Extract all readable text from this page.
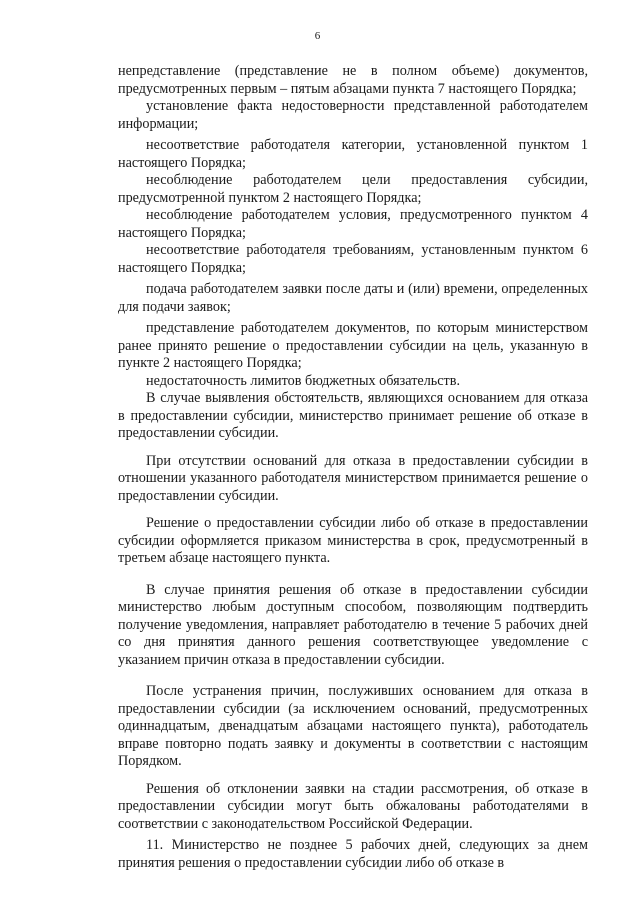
6

непредставление (представление не в полном объеме) документов, предусмотренных первым – пятым абзацами пункта 7 настоящего Порядка;

установление факта недостоверности представленной работодателем информации;

несоответствие работодателя категории, установленной пунктом 1 настоящего Порядка;

несоблюдение работодателем цели предоставления субсидии, предусмотренной пунктом 2 настоящего Порядка;

несоблюдение работодателем условия, предусмотренного пунктом 4 настоящего Порядка;

несоответствие работодателя требованиям, установленным пунктом 6 настоящего Порядка;

подача работодателем заявки после даты и (или) времени, определенных для подачи заявок;

представление работодателем документов, по которым министерством ранее принято решение о предоставлении субсидии на цель, указанную в пункте 2 настоящего Порядка;

недостаточность лимитов бюджетных обязательств.

В случае выявления обстоятельств, являющихся основанием для отказа в предоставлении субсидии, министерство принимает решение об отказе в предоставлении субсидии.

При отсутствии оснований для отказа в предоставлении субсидии в отношении указанного работодателя министерством принимается решение о предоставлении субсидии.

Решение о предоставлении субсидии либо об отказе в предоставлении субсидии оформляется приказом министерства в срок, предусмотренный в третьем абзаце настоящего пункта.

В случае принятия решения об отказе в предоставлении субсидии министерство любым доступным способом, позволяющим подтвердить получение уведомления, направляет работодателю в течение 5 рабочих дней со дня принятия данного решения соответствующее уведомление с указанием причин отказа в предоставлении субсидии.

После устранения причин, послуживших основанием для отказа в предоставлении субсидии (за исключением оснований, предусмотренных одиннадцатым, двенадцатым абзацами настоящего пункта), работодатель вправе повторно подать заявку и документы в соответствии с настоящим Порядком.

Решения об отклонении заявки на стадии рассмотрения, об отказе в предоставлении субсидии могут быть обжалованы работодателями в соответствии с законодательством Российской Федерации.

11. Министерство не позднее 5 рабочих дней, следующих за днем принятия решения о предоставлении субсидии либо об отказе в
